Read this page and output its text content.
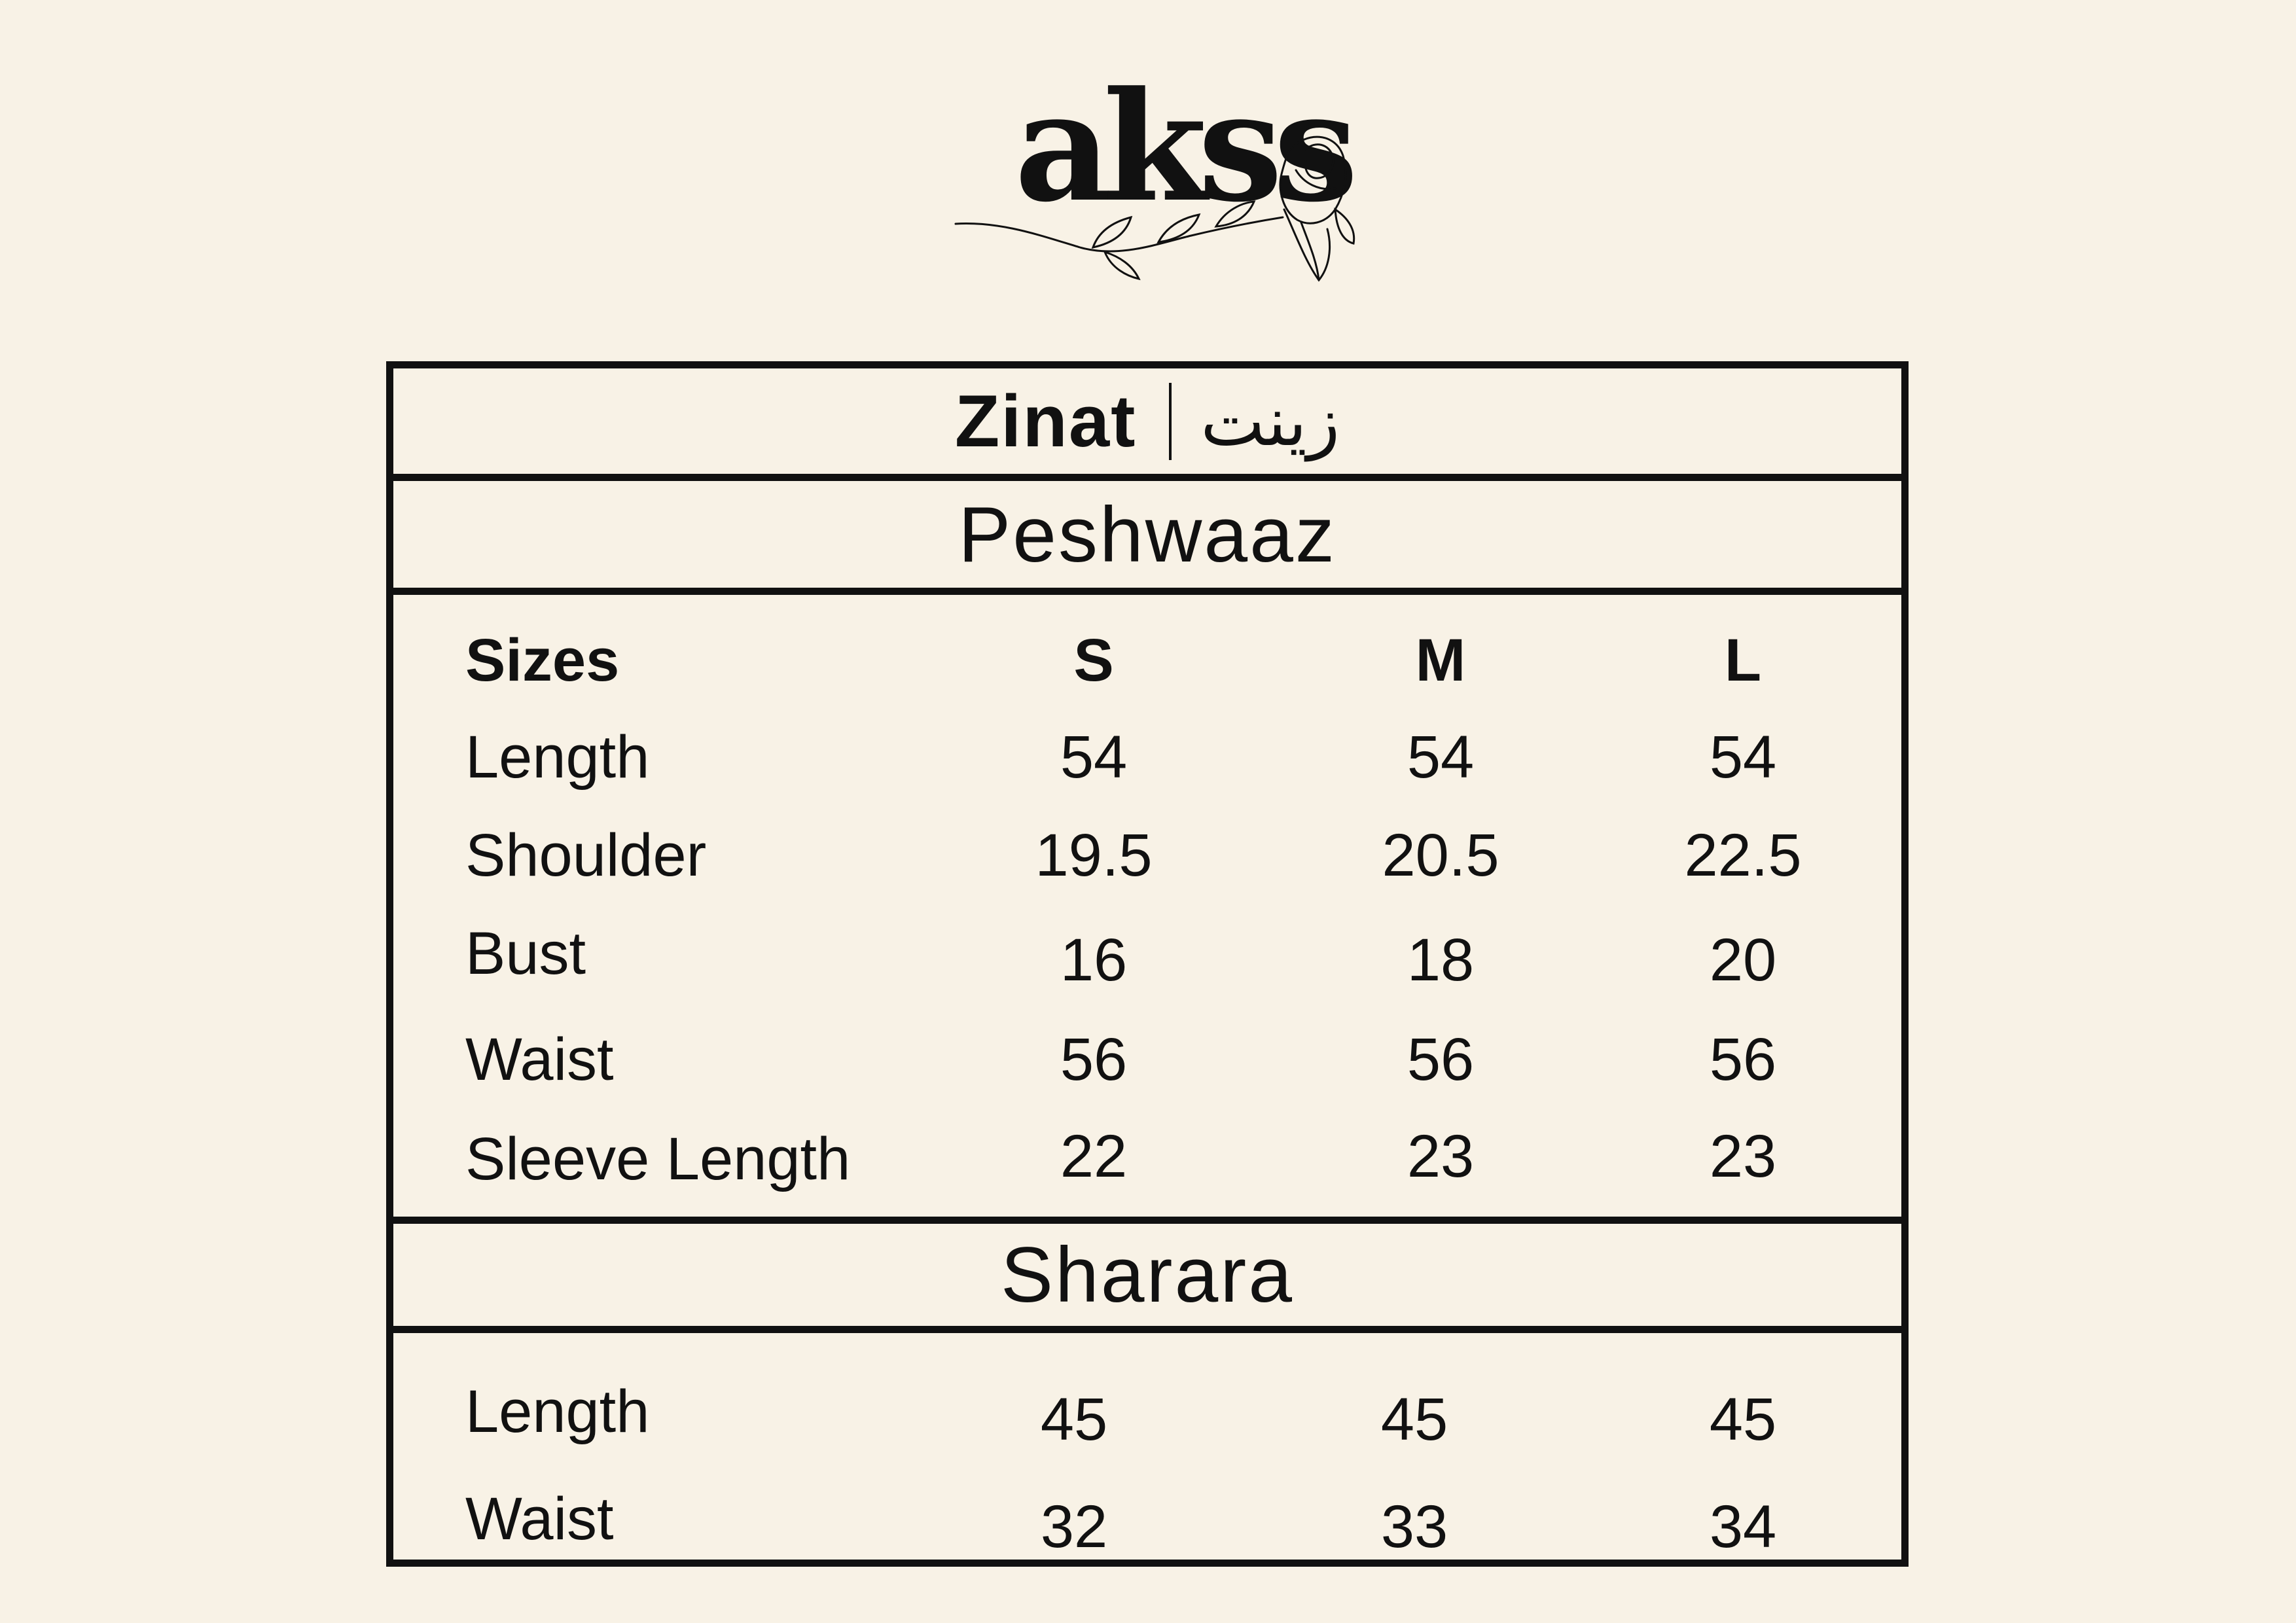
akss
Zinat زینت
Peshwaaz
Sizes	S	M	L
Length	54	54	54
Shoulder	19.5	20.5	22.5
Bust	16	18	20
Waist	56	56	56
Sleeve Length	22	23	23
Sharara
Length	45	45	45
Waist	32	33	34
